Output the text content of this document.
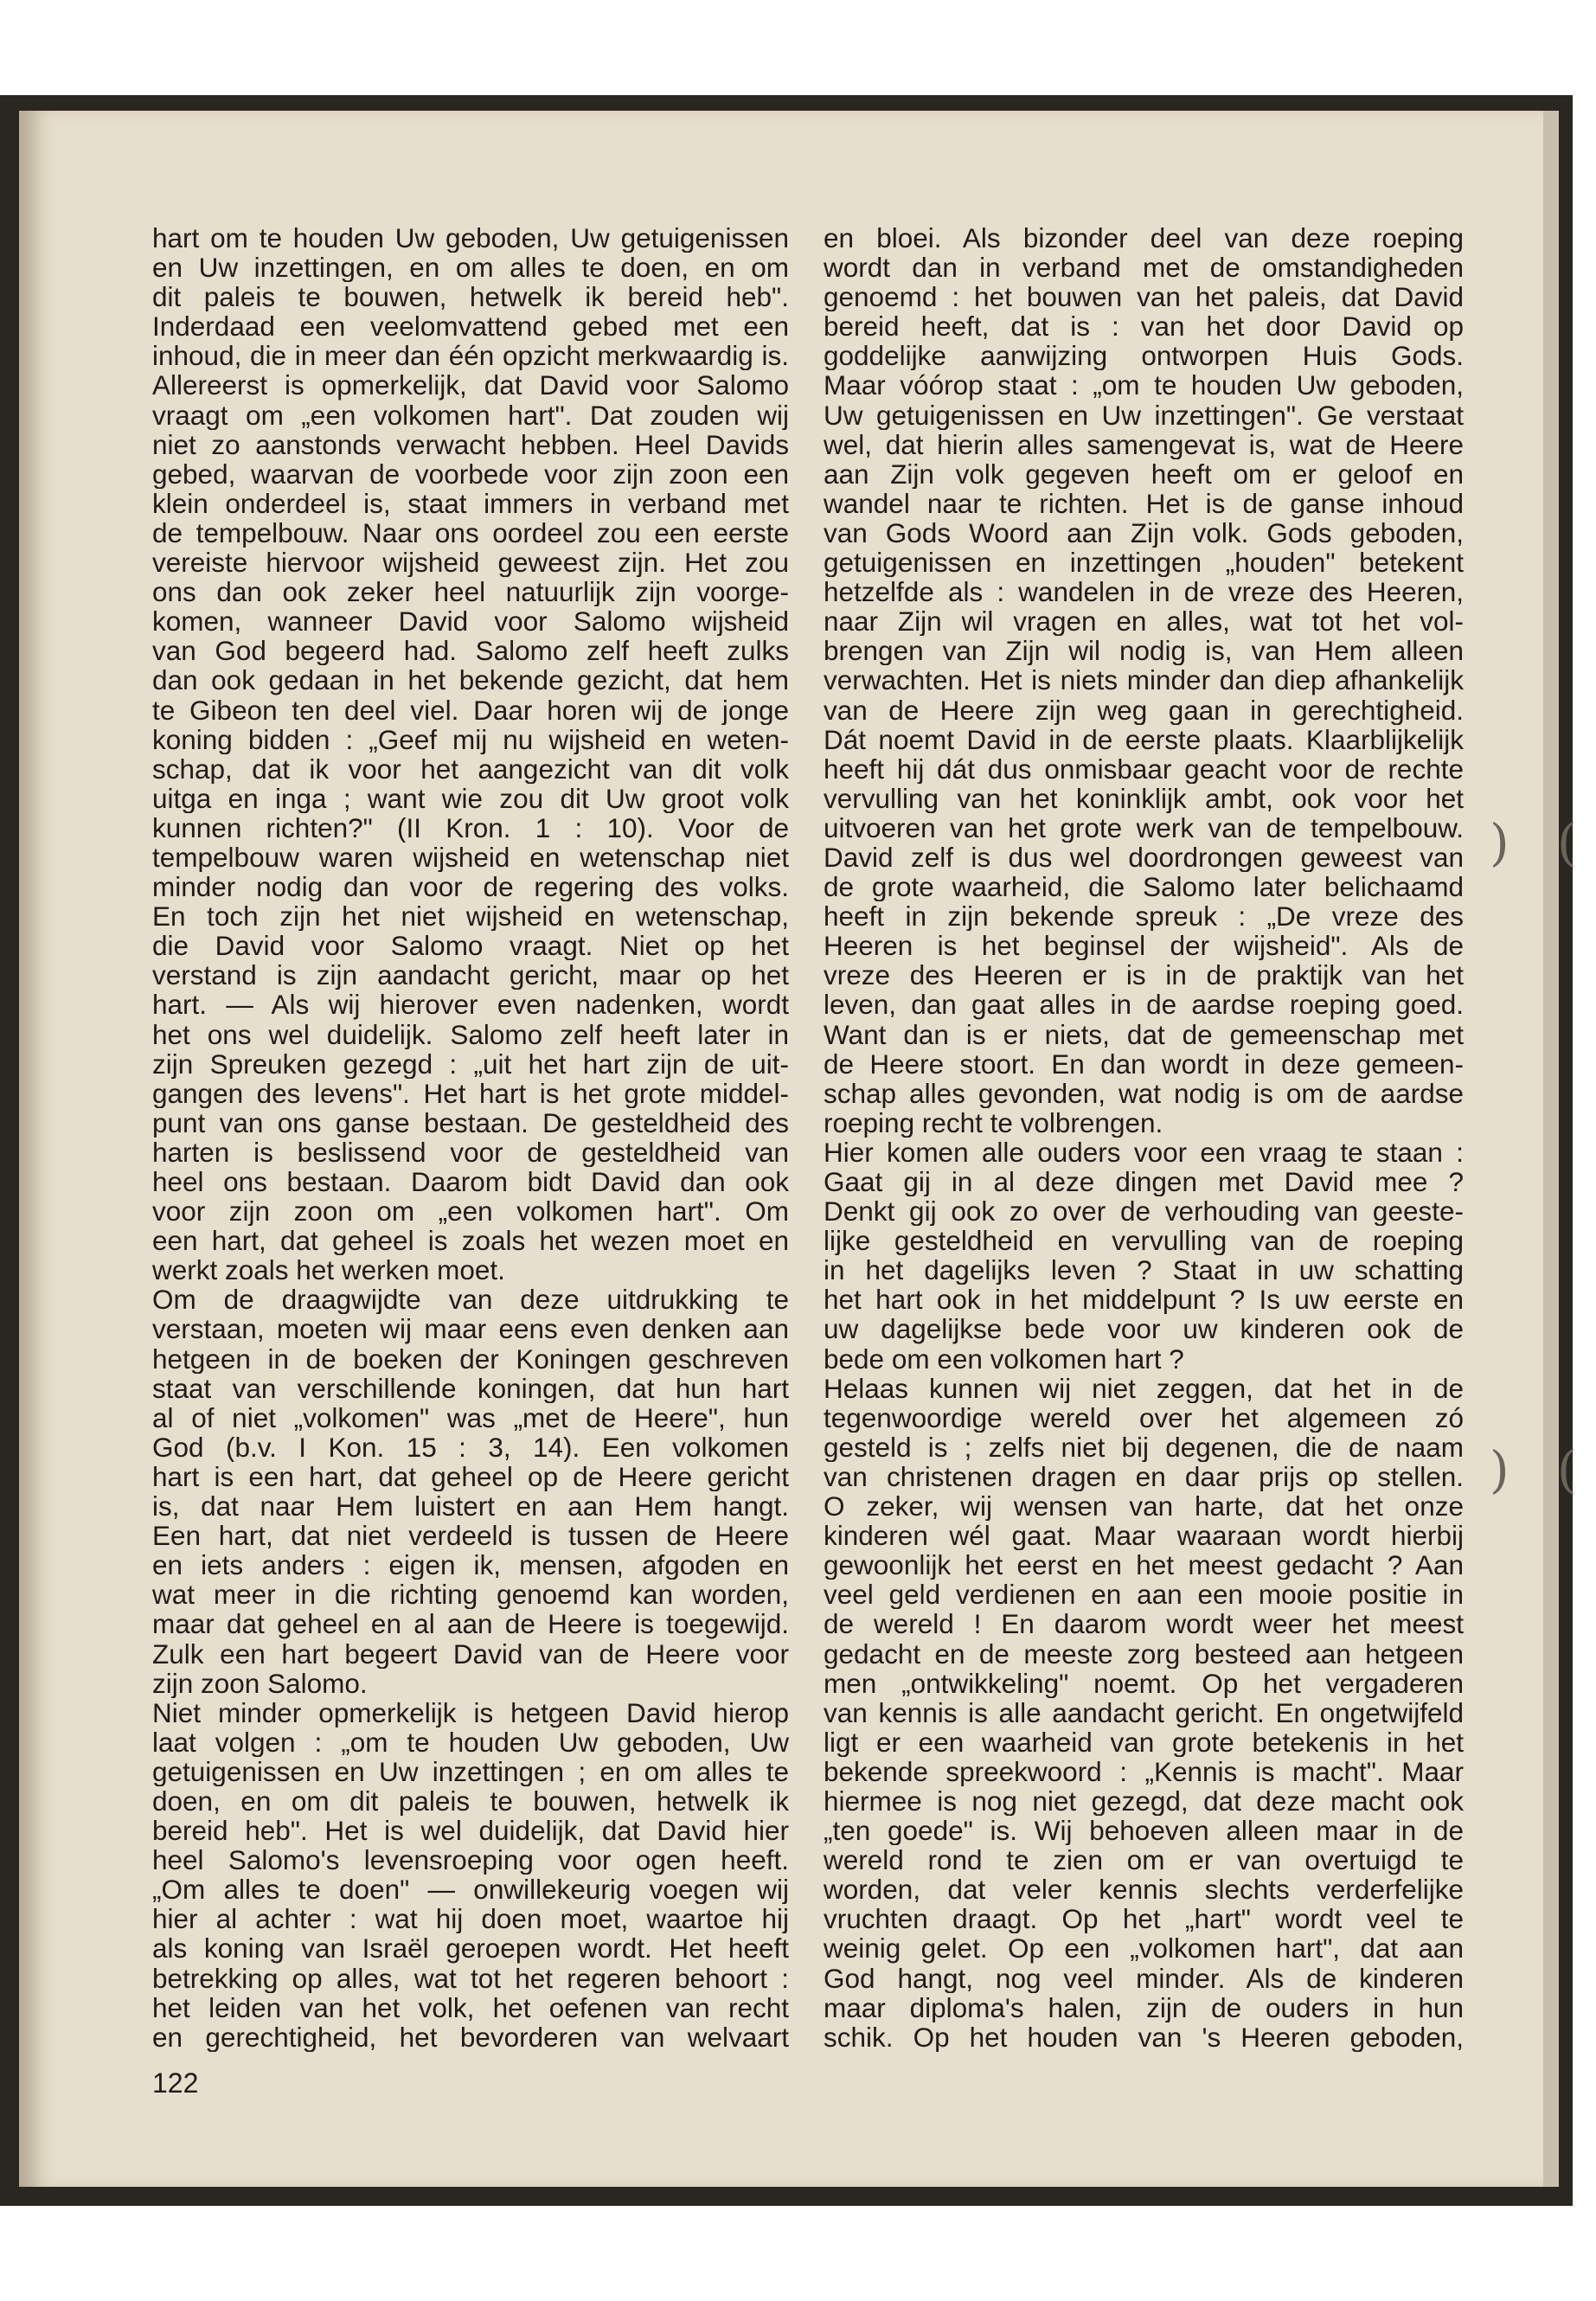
hart om te houden Uw geboden, Uw getuigenissen
en Uw inzettingen, en om alles te doen, en om
dit paleis te bouwen, hetwelk ik bereid heb".
Inderdaad een veelomvattend gebed met een
inhoud, die in meer dan één opzicht merkwaardig is.
Allereerst is opmerkelijk, dat David voor Salomo
vraagt om „een volkomen hart". Dat zouden wij
niet zo aanstonds verwacht hebben. Heel Davids
gebed, waarvan de voorbede voor zijn zoon een
klein onderdeel is, staat immers in verband met
de tempelbouw. Naar ons oordeel zou een eerste
vereiste hiervoor wijsheid geweest zijn. Het zou
ons dan ook zeker heel natuurlijk zijn voorge-
komen, wanneer David voor Salomo wijsheid
van God begeerd had. Salomo zelf heeft zulks
dan ook gedaan in het bekende gezicht, dat hem
te Gibeon ten deel viel. Daar horen wij de jonge
koning bidden : „Geef mij nu wijsheid en weten-
schap, dat ik voor het aangezicht van dit volk
uitga en inga ; want wie zou dit Uw groot volk
kunnen richten?" (II Kron. 1 : 10). Voor de
tempelbouw waren wijsheid en wetenschap niet
minder nodig dan voor de regering des volks.
En toch zijn het niet wijsheid en wetenschap,
die David voor Salomo vraagt. Niet op het
verstand is zijn aandacht gericht, maar op het
hart. — Als wij hierover even nadenken, wordt
het ons wel duidelijk. Salomo zelf heeft later in
zijn Spreuken gezegd : „uit het hart zijn de uit-
gangen des levens". Het hart is het grote middel-
punt van ons ganse bestaan. De gesteldheid des
harten is beslissend voor de gesteldheid van
heel ons bestaan. Daarom bidt David dan ook
voor zijn zoon om „een volkomen hart". Om
een hart, dat geheel is zoals het wezen moet en
werkt zoals het werken moet.
Om de draagwijdte van deze uitdrukking te
verstaan, moeten wij maar eens even denken aan
hetgeen in de boeken der Koningen geschreven
staat van verschillende koningen, dat hun hart
al of niet „volkomen" was „met de Heere", hun
God (b.v. I Kon. 15 : 3, 14). Een volkomen
hart is een hart, dat geheel op de Heere gericht
is, dat naar Hem luistert en aan Hem hangt.
Een hart, dat niet verdeeld is tussen de Heere
en iets anders : eigen ik, mensen, afgoden en
wat meer in die richting genoemd kan worden,
maar dat geheel en al aan de Heere is toegewijd.
Zulk een hart begeert David van de Heere voor
zijn zoon Salomo.
Niet minder opmerkelijk is hetgeen David hierop
laat volgen : „om te houden Uw geboden, Uw
getuigenissen en Uw inzettingen ; en om alles te
doen, en om dit paleis te bouwen, hetwelk ik
bereid heb". Het is wel duidelijk, dat David hier
heel Salomo's levensroeping voor ogen heeft.
„Om alles te doen" — onwillekeurig voegen wij
hier al achter : wat hij doen moet, waartoe hij
als koning van Israël geroepen wordt. Het heeft
betrekking op alles, wat tot het regeren behoort :
het leiden van het volk, het oefenen van recht
en gerechtigheid, het bevorderen van welvaart
en bloei. Als bizonder deel van deze roeping
wordt dan in verband met de omstandigheden
genoemd : het bouwen van het paleis, dat David
bereid heeft, dat is : van het door David op
goddelijke aanwijzing ontworpen Huis Gods.
Maar vóórop staat : „om te houden Uw geboden,
Uw getuigenissen en Uw inzettingen". Ge verstaat
wel, dat hierin alles samengevat is, wat de Heere
aan Zijn volk gegeven heeft om er geloof en
wandel naar te richten. Het is de ganse inhoud
van Gods Woord aan Zijn volk. Gods geboden,
getuigenissen en inzettingen „houden" betekent
hetzelfde als : wandelen in de vreze des Heeren,
naar Zijn wil vragen en alles, wat tot het vol-
brengen van Zijn wil nodig is, van Hem alleen
verwachten. Het is niets minder dan diep afhankelijk
van de Heere zijn weg gaan in gerechtigheid.
Dát noemt David in de eerste plaats. Klaarblijkelijk
heeft hij dát dus onmisbaar geacht voor de rechte
vervulling van het koninklijk ambt, ook voor het
uitvoeren van het grote werk van de tempelbouw.
David zelf is dus wel doordrongen geweest van
de grote waarheid, die Salomo later belichaamd
heeft in zijn bekende spreuk : „De vreze des
Heeren is het beginsel der wijsheid". Als de
vreze des Heeren er is in de praktijk van het
leven, dan gaat alles in de aardse roeping goed.
Want dan is er niets, dat de gemeenschap met
de Heere stoort. En dan wordt in deze gemeen-
schap alles gevonden, wat nodig is om de aardse
roeping recht te volbrengen.
Hier komen alle ouders voor een vraag te staan :
Gaat gij in al deze dingen met David mee ?
Denkt gij ook zo over de verhouding van geeste-
lijke gesteldheid en vervulling van de roeping
in het dagelijks leven ? Staat in uw schatting
het hart ook in het middelpunt ? Is uw eerste en
uw dagelijkse bede voor uw kinderen ook de
bede om een volkomen hart ?
Helaas kunnen wij niet zeggen, dat het in de
tegenwoordige wereld over het algemeen zó
gesteld is ; zelfs niet bij degenen, die de naam
van christenen dragen en daar prijs op stellen.
O zeker, wij wensen van harte, dat het onze
kinderen wél gaat. Maar waaraan wordt hierbij
gewoonlijk het eerst en het meest gedacht ? Aan
veel geld verdienen en aan een mooie positie in
de wereld ! En daarom wordt weer het meest
gedacht en de meeste zorg besteed aan hetgeen
men „ontwikkeling" noemt. Op het vergaderen
van kennis is alle aandacht gericht. En ongetwijfeld
ligt er een waarheid van grote betekenis in het
bekende spreekwoord : „Kennis is macht". Maar
hiermee is nog niet gezegd, dat deze macht ook
„ten goede" is. Wij behoeven alleen maar in de
wereld rond te zien om er van overtuigd te
worden, dat veler kennis slechts verderfelijke
vruchten draagt. Op het „hart" wordt veel te
weinig gelet. Op een „volkomen hart", dat aan
God hangt, nog veel minder. Als de kinderen
maar diploma's halen, zijn de ouders in hun
schik. Op het houden van 's Heeren geboden,
122
) (
) (
